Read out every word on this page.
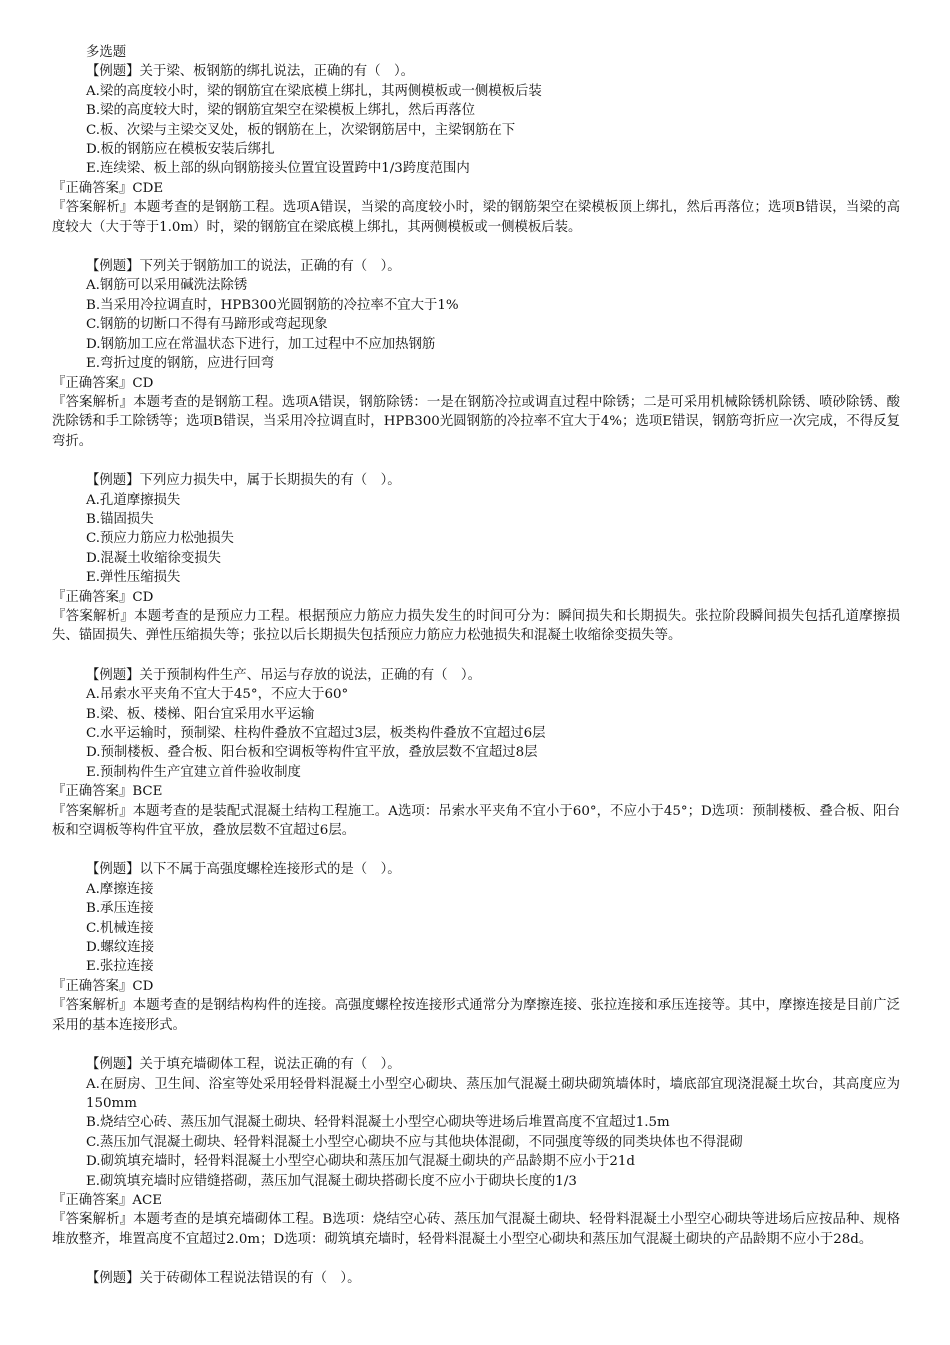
多选题
【例题】关于梁、板钢筋的绑扎说法，正确的有（　）。
A.梁的高度较小时，梁的钢筋宜在梁底模上绑扎，其两侧模板或一侧模板后装
B.梁的高度较大时，梁的钢筋宜架空在梁模板上绑扎，然后再落位
C.板、次梁与主梁交叉处，板的钢筋在上，次梁钢筋居中，主梁钢筋在下
D.板的钢筋应在模板安装后绑扎
E.连续梁、板上部的纵向钢筋接头位置宜设置跨中1/3跨度范围内
『正确答案』CDE
『答案解析』本题考查的是钢筋工程。选项A错误，当梁的高度较小时，梁的钢筋架空在梁模板顶上绑扎，然后再落位；选项B错误，当梁的高度较大（大于等于1.0m）时，梁的钢筋宜在梁底模上绑扎，其两侧模板或一侧模板后装。
【例题】下列关于钢筋加工的说法，正确的有（　）。
A.钢筋可以采用碱洗法除锈
B.当采用冷拉调直时，HPB300光圆钢筋的冷拉率不宜大于1%
C.钢筋的切断口不得有马蹄形或弯起现象
D.钢筋加工应在常温状态下进行，加工过程中不应加热钢筋
E.弯折过度的钢筋，应进行回弯
『正确答案』CD
『答案解析』本题考查的是钢筋工程。选项A错误，钢筋除锈：一是在钢筋冷拉或调直过程中除锈；二是可采用机械除锈机除锈、喷砂除锈、酸洗除锈和手工除锈等；选项B错误，当采用冷拉调直时，HPB300光圆钢筋的冷拉率不宜大于4%；选项E错误，钢筋弯折应一次完成，不得反复弯折。
【例题】下列应力损失中，属于长期损失的有（　）。
A.孔道摩擦损失
B.锚固损失
C.预应力筋应力松弛损失
D.混凝土收缩徐变损失
E.弹性压缩损失
『正确答案』CD
『答案解析』本题考查的是预应力工程。根据预应力筋应力损失发生的时间可分为：瞬间损失和长期损失。张拉阶段瞬间损失包括孔道摩擦损失、锚固损失、弹性压缩损失等；张拉以后长期损失包括预应力筋应力松弛损失和混凝土收缩徐变损失等。
【例题】关于预制构件生产、吊运与存放的说法，正确的有（　）。
A.吊索水平夹角不宜大于45°，不应大于60°
B.梁、板、楼梯、阳台宜采用水平运输
C.水平运输时，预制梁、柱构件叠放不宜超过3层，板类构件叠放不宜超过6层
D.预制楼板、叠合板、阳台板和空调板等构件宜平放，叠放层数不宜超过8层
E.预制构件生产宜建立首件验收制度
『正确答案』BCE
『答案解析』本题考查的是装配式混凝土结构工程施工。A选项：吊索水平夹角不宜小于60°，不应小于45°；D选项：预制楼板、叠合板、阳台板和空调板等构件宜平放，叠放层数不宜超过6层。
【例题】以下不属于高强度螺栓连接形式的是（　）。
A.摩擦连接
B.承压连接
C.机械连接
D.螺纹连接
E.张拉连接
『正确答案』CD
『答案解析』本题考查的是钢结构构件的连接。高强度螺栓按连接形式通常分为摩擦连接、张拉连接和承压连接等。其中，摩擦连接是目前广泛采用的基本连接形式。
【例题】关于填充墙砌体工程，说法正确的有（　）。
A.在厨房、卫生间、浴室等处采用轻骨料混凝土小型空心砌块、蒸压加气混凝土砌块砌筑墙体时，墙底部宜现浇混凝土坎台，其高度应为150mm
B.烧结空心砖、蒸压加气混凝土砌块、轻骨料混凝土小型空心砌块等进场后堆置高度不宜超过1.5m
C.蒸压加气混凝土砌块、轻骨料混凝土小型空心砌块不应与其他块体混砌，不同强度等级的同类块体也不得混砌
D.砌筑填充墙时，轻骨料混凝土小型空心砌块和蒸压加气混凝土砌块的产品龄期不应小于21d
E.砌筑填充墙时应错缝搭砌，蒸压加气混凝土砌块搭砌长度不应小于砌块长度的1/3
『正确答案』ACE
『答案解析』本题考查的是填充墙砌体工程。B选项：烧结空心砖、蒸压加气混凝土砌块、轻骨料混凝土小型空心砌块等进场后应按品种、规格堆放整齐，堆置高度不宜超过2.0m；D选项：砌筑填充墙时，轻骨料混凝土小型空心砌块和蒸压加气混凝土砌块的产品龄期不应小于28d。
【例题】关于砖砌体工程说法错误的有（　）。
